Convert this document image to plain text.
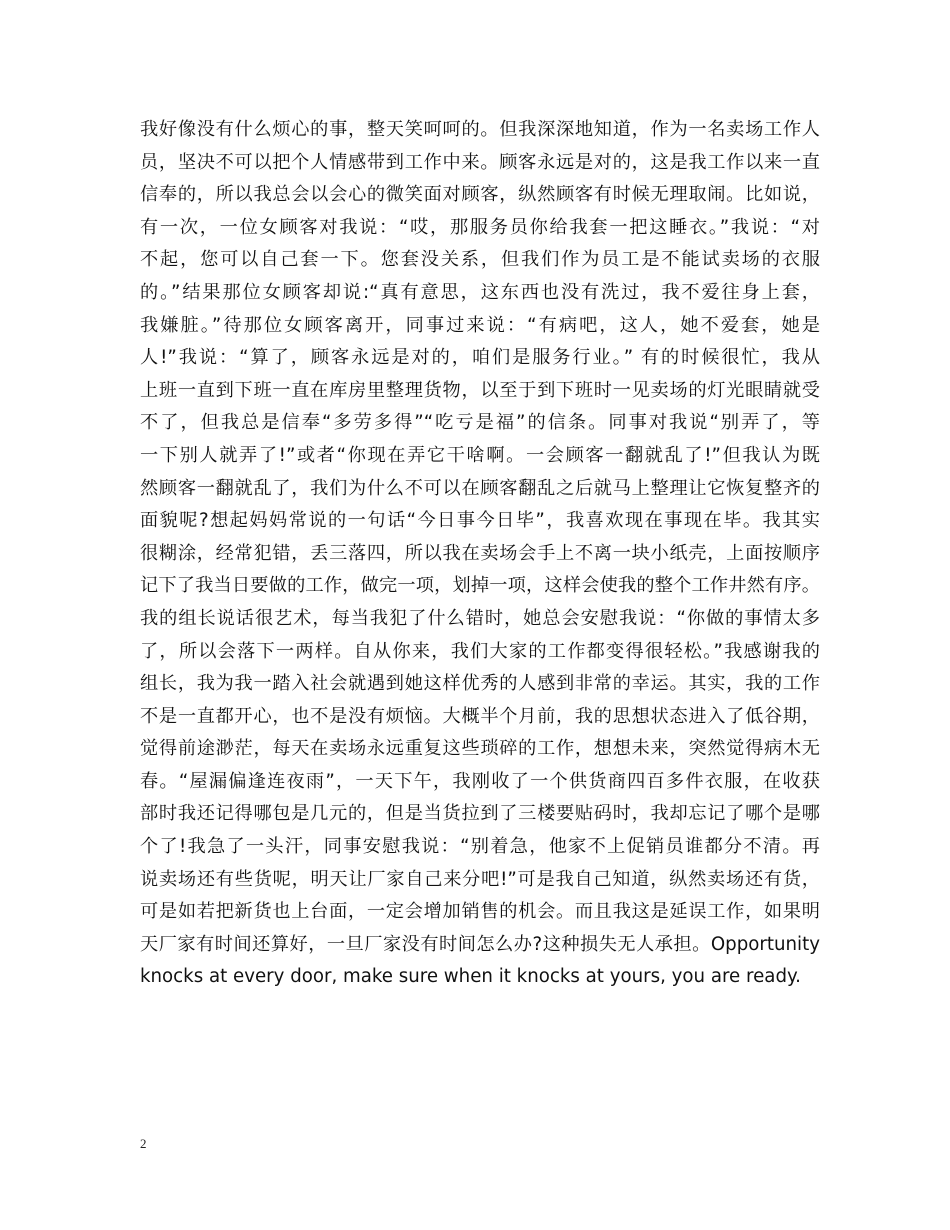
我好像没有什么烦心的事，整天笑呵呵的。但我深深地知道，作为一名卖场工作人
员，坚决不可以把个人情感带到工作中来。顾客永远是对的，这是我工作以来一直
信奉的，所以我总会以会心的微笑面对顾客，纵然顾客有时候无理取闹。比如说，
有一次，一位女顾客对我说：“哎，那服务员你给我套一把这睡衣。”我说：“对
不起，您可以自己套一下。您套没关系，但我们作为员工是不能试卖场的衣服
的。”结果那位女顾客却说:“真有意思，这东西也没有洗过，我不爱往身上套，
我嫌脏。”待那位女顾客离开，同事过来说：“有病吧，这人，她不爱套，她是
人!”我说：“算了，顾客永远是对的，咱们是服务行业。” 有的时候很忙，我从
上班一直到下班一直在库房里整理货物，以至于到下班时一见卖场的灯光眼睛就受
不了，但我总是信奉“多劳多得”“吃亏是福”的信条。同事对我说“别弄了，等
一下别人就弄了!”或者“你现在弄它干啥啊。一会顾客一翻就乱了!”但我认为既
然顾客一翻就乱了，我们为什么不可以在顾客翻乱之后就马上整理让它恢复整齐的
面貌呢?想起妈妈常说的一句话“今日事今日毕”，我喜欢现在事现在毕。我其实
很糊涂，经常犯错，丢三落四，所以我在卖场会手上不离一块小纸壳，上面按顺序
记下了我当日要做的工作，做完一项，划掉一项，这样会使我的整个工作井然有序。
我的组长说话很艺术，每当我犯了什么错时，她总会安慰我说：“你做的事情太多
了，所以会落下一两样。自从你来，我们大家的工作都变得很轻松。”我感谢我的
组长，我为我一踏入社会就遇到她这样优秀的人感到非常的幸运。其实，我的工作
不是一直都开心，也不是没有烦恼。大概半个月前，我的思想状态进入了低谷期，
觉得前途渺茫，每天在卖场永远重复这些琐碎的工作，想想未来，突然觉得病木无
春。“屋漏偏逢连夜雨”，一天下午，我刚收了一个供货商四百多件衣服，在收获
部时我还记得哪包是几元的，但是当货拉到了三楼要贴码时，我却忘记了哪个是哪
个了!我急了一头汗，同事安慰我说：“别着急，他家不上促销员谁都分不清。再
说卖场还有些货呢，明天让厂家自己来分吧!”可是我自己知道，纵然卖场还有货，
可是如若把新货也上台面，一定会增加销售的机会。而且我这是延误工作，如果明
天厂家有时间还算好，一旦厂家没有时间怎么办?这种损失无人承担。Opportunity
knocks at every door, make sure when it knocks at yours, you are ready.
2
